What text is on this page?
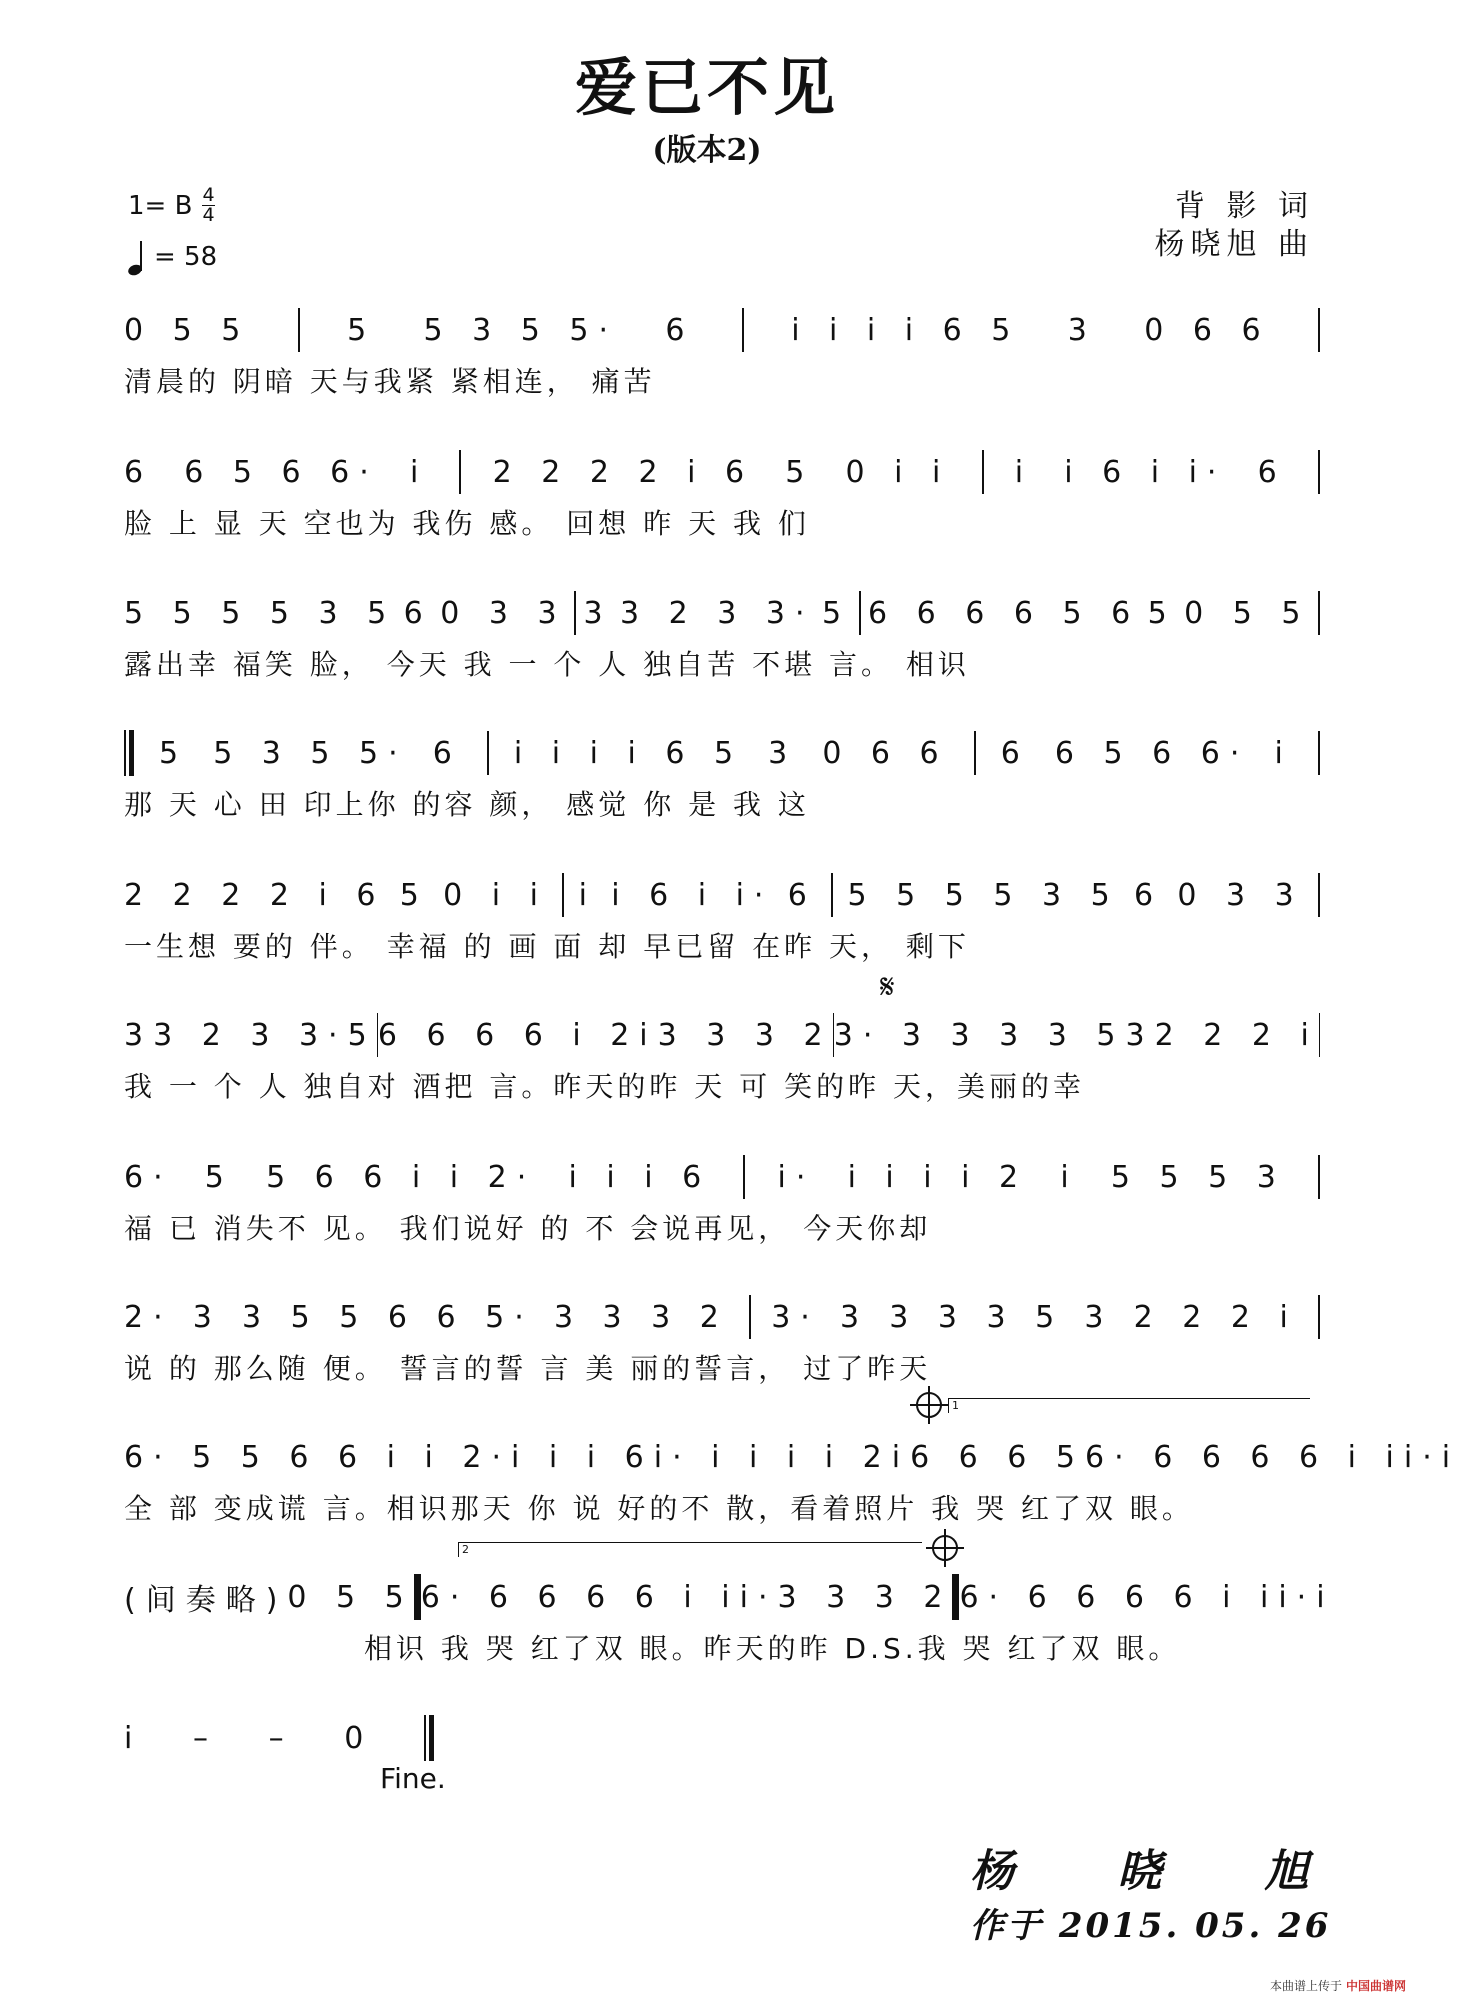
爱已不见
(版本2)
1= B $\frac{4}{4}$
= 58
背 影 词
杨晓旭 曲
0 5 5	5 5 3 5 5· 6	i i i i 6 5 3 0 6 6
清晨的 阴暗 天与我紧 紧相连， 痛苦
6 6 5 6 6· i 2 2 2 2 i 6 5 0 i i i i 6 i i· 6
脸 上 显 天 空也为 我伤 感。 回想 昨 天 我 们
5 5 5 5 3 5 6 0 3 3 3 3 2 3 3· 5 6 6 6 6 5 6 5 0 5 5
露出幸 福笑 脸， 今天 我 一 个 人 独自苦 不堪 言。 相识
5 5 3 5 5· 6 i i i i 6 5 3 0 6 6 6 6 5 6 6· i
那 天 心 田 印上你 的容 颜， 感觉 你 是 我 这
2 2 2 2 i 6 5 0 i i i i 6 i i· 6 5 5 5 5 3 5 6 0 3 3
一生想 要的 伴。 幸福 的 画 面 却 早已留 在昨 天， 剩下
𝄋
3 3 2 3 3· 5 6 6 6 6 i 2 i 3 3 3 2 3· 3 3 3 3 5 3 2 2 2 i
我 一 个 人 独自对 酒把 言。昨天的昨 天 可 笑的昨 天，美丽的幸
6· 5 5 6 6 i i 2· i i i 6 i· i i i i 2 i 5 5 5 3
福 已 消失不 见。 我们说好 的 不 会说再见， 今天你却
2· 3 3 5 5 6 6 5· 3 3 3 2 3· 3 3 3 3 5 3 2 2 2 i
说 的 那么随 便。 誓言的誓 言 美 丽的誓言， 过了昨天
1
6· 5 5 6 6 i i 2· i i i 6 i· i i i i 2 i 6 6 6 5 6· 6 6 6 6 i i i· i
全 部 变成谎 言。相识那天 你 说 好的不 散，看着照片 我 哭 红了双 眼。
2
(间奏略) 0 5 5 6· 6 6 6 6 i i i· 3 3 3 2 6· 6 6 6 6 i i i· i
相识 我 哭 红了双 眼。昨天的昨 D.S.我 哭 红了双 眼。
i – – 0
Fine.
杨 晓 旭
作于 2015. 05. 26
本曲谱上传于 中国曲谱网
